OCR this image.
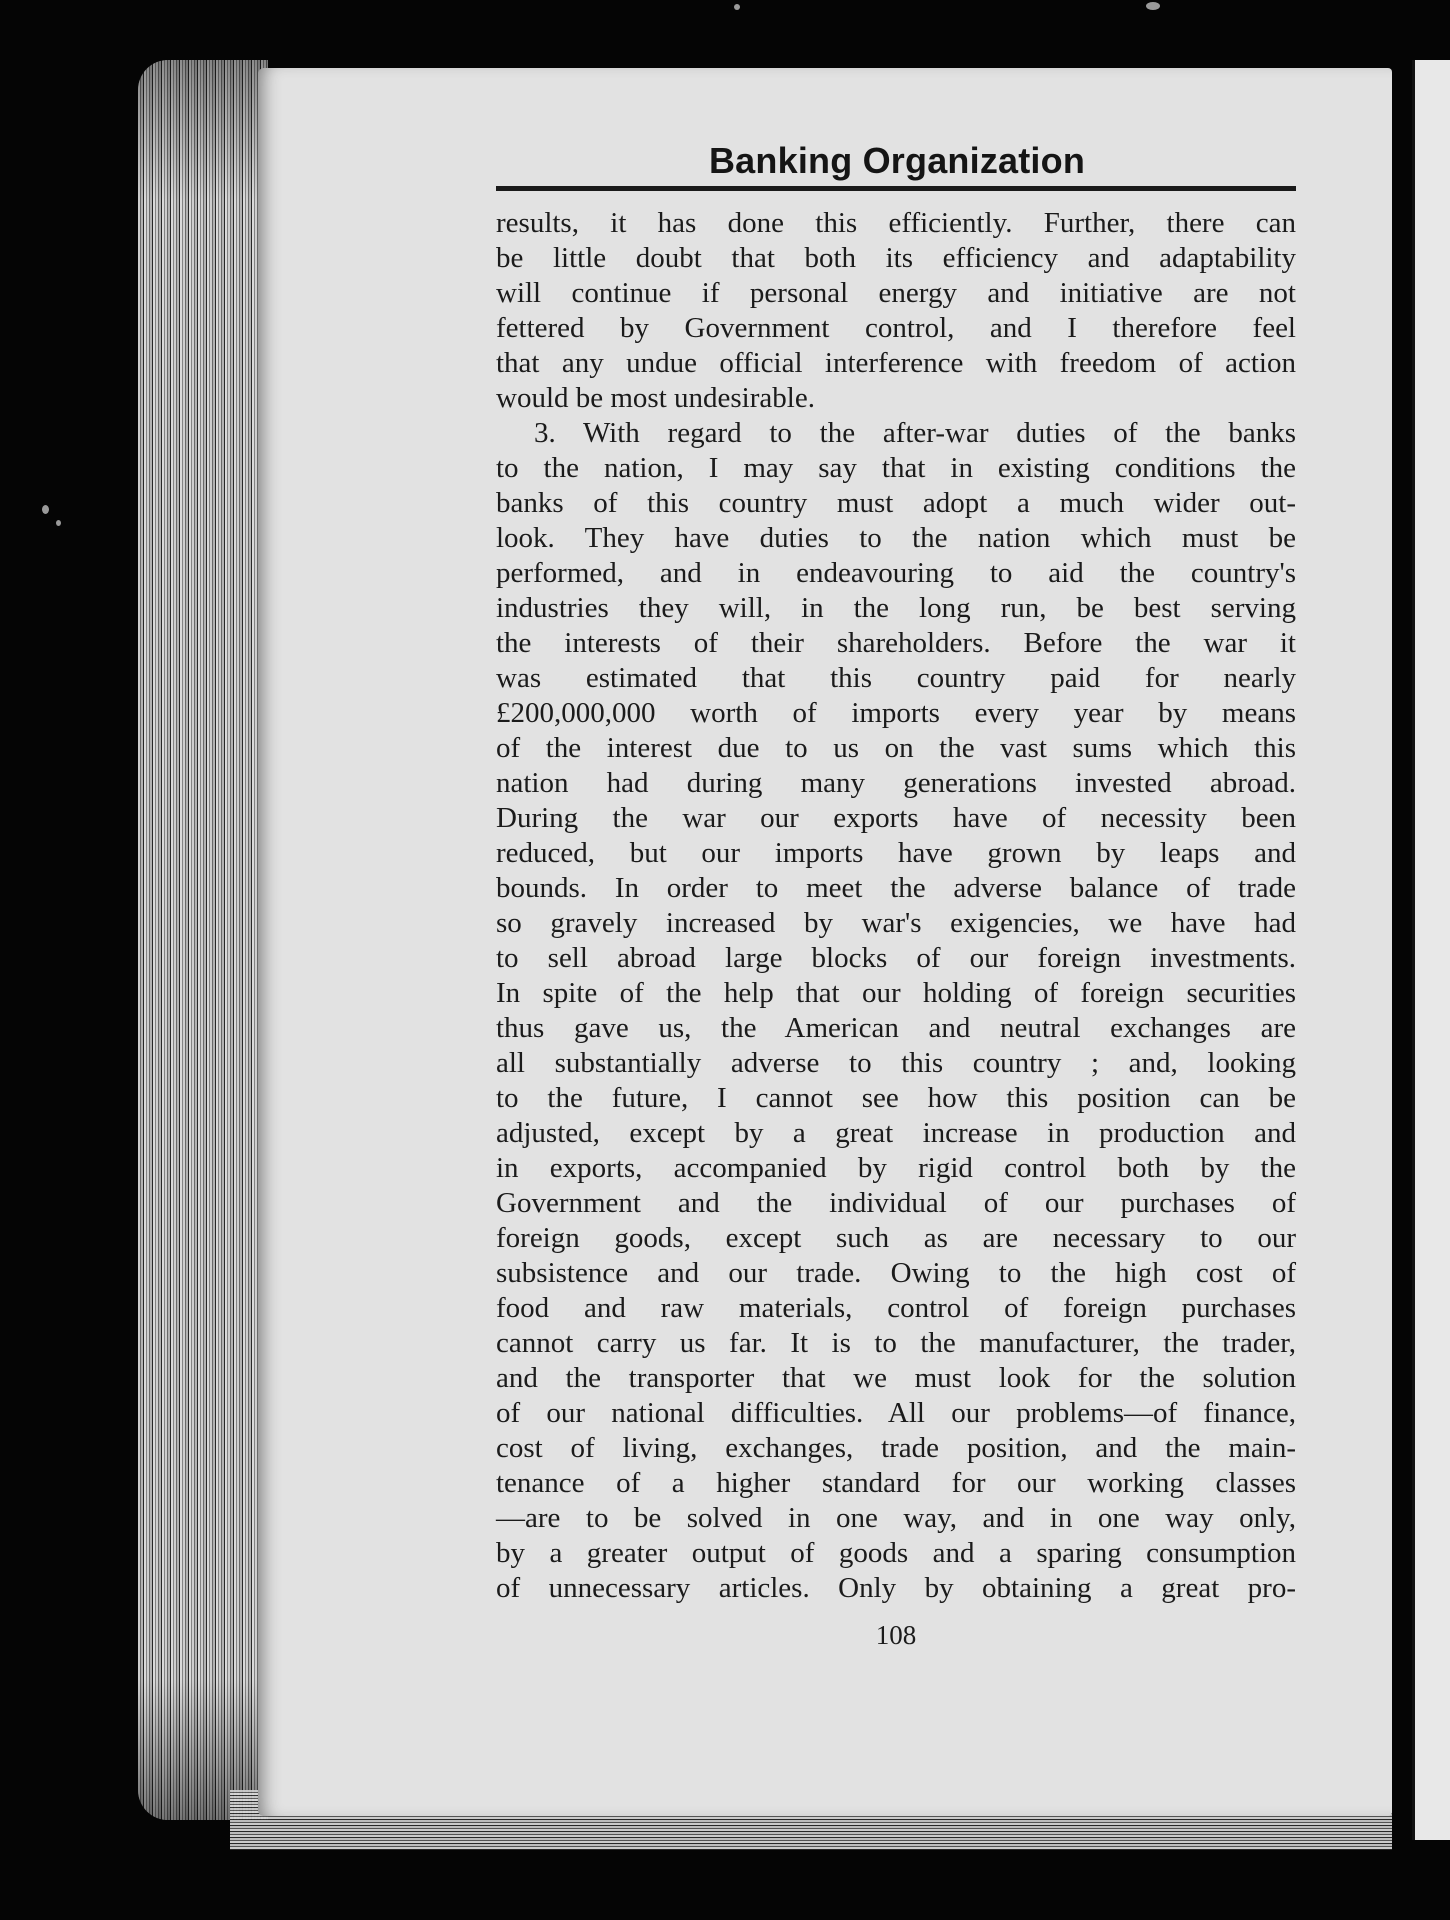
Banking Organization
results, it has done this efficiently. Further, there can
be little doubt that both its efficiency and adaptability
will continue if personal energy and initiative are not
fettered by Government control, and I therefore feel
that any undue official interference with freedom of action
would be most undesirable.
3. With regard to the after-war duties of the banks
to the nation, I may say that in existing conditions the
banks of this country must adopt a much wider out-
look. They have duties to the nation which must be
performed, and in endeavouring to aid the country's
industries they will, in the long run, be best serving
the interests of their shareholders. Before the war it
was estimated that this country paid for nearly
£200,000,000 worth of imports every year by means
of the interest due to us on the vast sums which this
nation had during many generations invested abroad.
During the war our exports have of necessity been
reduced, but our imports have grown by leaps and
bounds. In order to meet the adverse balance of trade
so gravely increased by war's exigencies, we have had
to sell abroad large blocks of our foreign investments.
In spite of the help that our holding of foreign securities
thus gave us, the American and neutral exchanges are
all substantially adverse to this country ; and, looking
to the future, I cannot see how this position can be
adjusted, except by a great increase in production and
in exports, accompanied by rigid control both by the
Government and the individual of our purchases of
foreign goods, except such as are necessary to our
subsistence and our trade. Owing to the high cost of
food and raw materials, control of foreign purchases
cannot carry us far. It is to the manufacturer, the trader,
and the transporter that we must look for the solution
of our national difficulties. All our problems—of finance,
cost of living, exchanges, trade position, and the main-
tenance of a higher standard for our working classes
—are to be solved in one way, and in one way only,
by a greater output of goods and a sparing consumption
of unnecessary articles. Only by obtaining a great pro-
108
